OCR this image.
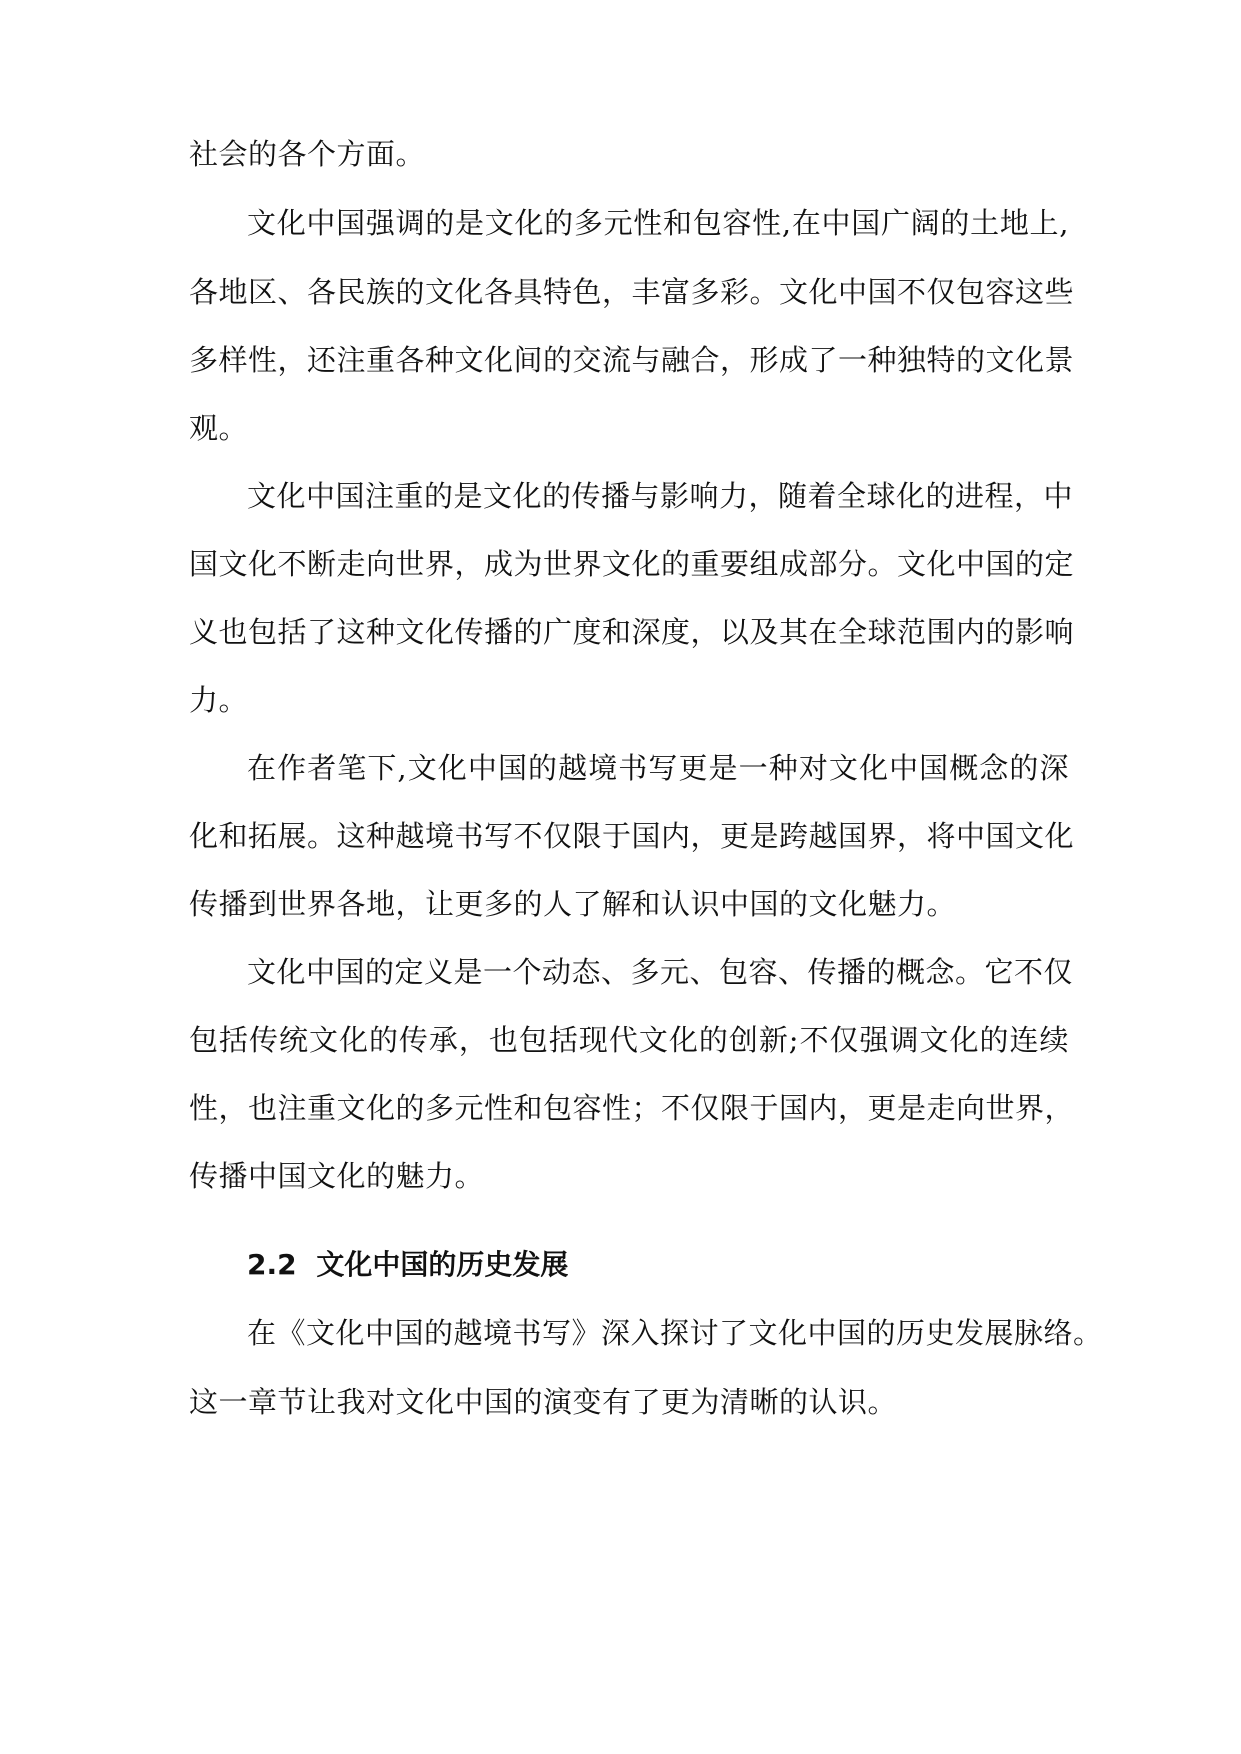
社会的各个方面。
文化中国强调的是文化的多元性和包容性,在中国广阔的土地上,
各地区、各民族的文化各具特色，丰富多彩。文化中国不仅包容这些
多样性，还注重各种文化间的交流与融合，形成了一种独特的文化景
观。
文化中国注重的是文化的传播与影响力，随着全球化的进程，中
国文化不断走向世界，成为世界文化的重要组成部分。文化中国的定
义也包括了这种文化传播的广度和深度，以及其在全球范围内的影响
力。
在作者笔下,文化中国的越境书写更是一种对文化中国概念的深
化和拓展。这种越境书写不仅限于国内，更是跨越国界，将中国文化
传播到世界各地，让更多的人了解和认识中国的文化魅力。
文化中国的定义是一个动态、多元、包容、传播的概念。它不仅
包括传统文化的传承，也包括现代文化的创新;不仅强调文化的连续
性，也注重文化的多元性和包容性；不仅限于国内，更是走向世界，
传播中国文化的魅力。
2.2 文化中国的历史发展
在《文化中国的越境书写》深入探讨了文化中国的历史发展脉络。
这一章节让我对文化中国的演变有了更为清晰的认识。
